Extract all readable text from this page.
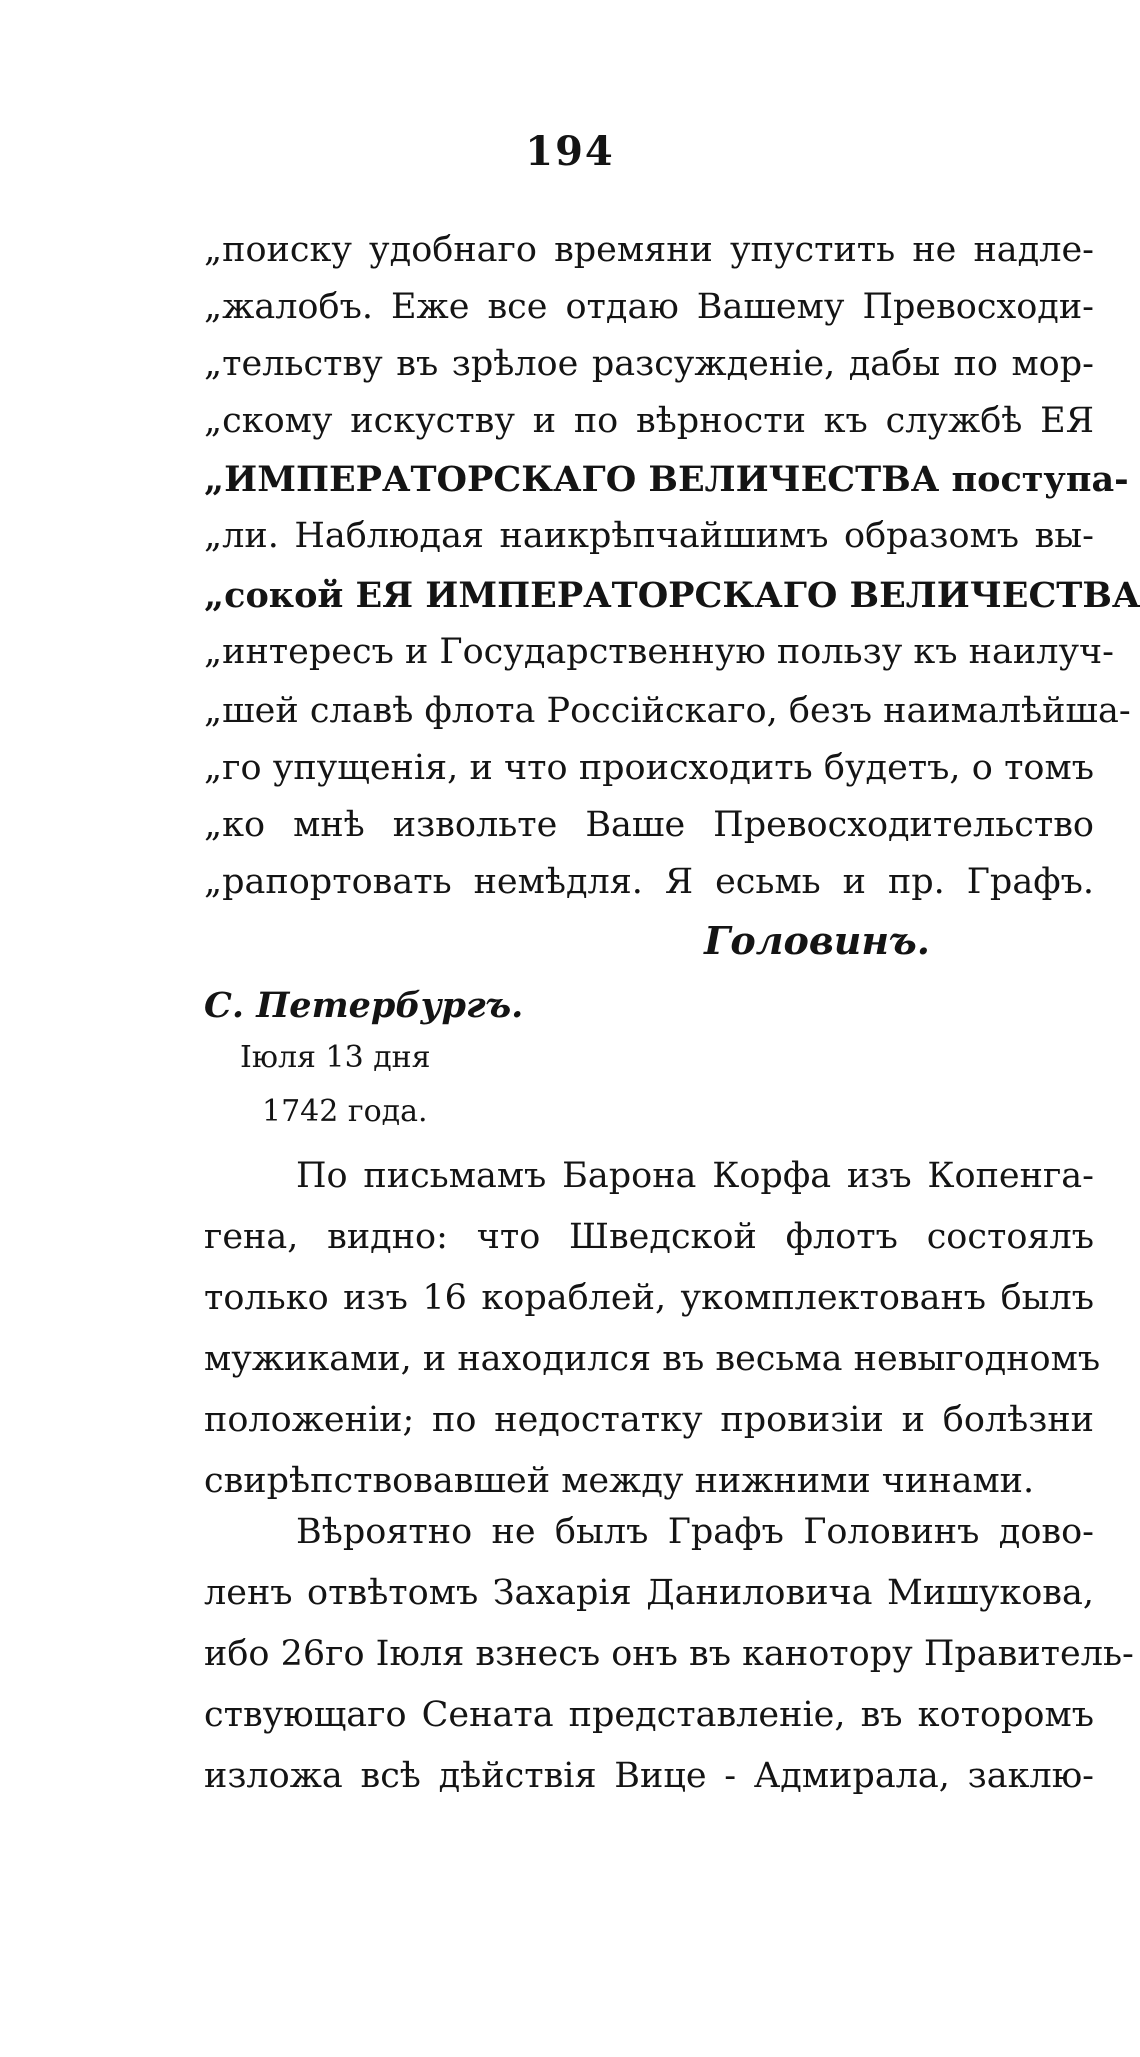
194
„поиску удобнаго времяни упустить не надле-
„жалобъ. Еже все отдаю Вашему Превосходи-
„тельству въ зрѣлое разсужденіе, дабы по мор-
„скому искуству и по вѣрности къ службѣ ЕЯ
„ИМПЕРАТОРСКАГО ВЕЛИЧЕСТВА поступа-
„ли. Наблюдая наикрѣпчайшимъ образомъ вы-
„сокой ЕЯ ИМПЕРАТОРСКАГО ВЕЛИЧЕСТВА
„интересъ и Государственную пользу къ наилуч-
„шей славѣ флота Россійскаго, безъ наималѣйша-
„го упущенія, и что происходить будетъ, о томъ
„ко мнѣ извольте Ваше Превосходительство
„рапортовать немѣдля. Я есьмь и пр. Графъ.
Головинъ.
С. Петербургъ.
Іюля 13 дня
1742 года.
По письмамъ Барона Корфа изъ Копенга-
гена, видно: что Шведской флотъ состоялъ
только изъ 16 кораблей, укомплектованъ былъ
мужиками, и находился въ весьма невыгодномъ
положеніи; по недостатку провизіи и болѣзни
свирѣпствовавшей между нижними чинами.
Вѣроятно не былъ Графъ Головинъ дово-
ленъ отвѣтомъ Захарія Даниловича Мишукова,
ибо 26го Іюля взнесъ онъ въ канотору Правитель-
ствующаго Сената представленіе, въ которомъ
изложа всѣ дѣйствія Вице - Адмирала, заклю-
